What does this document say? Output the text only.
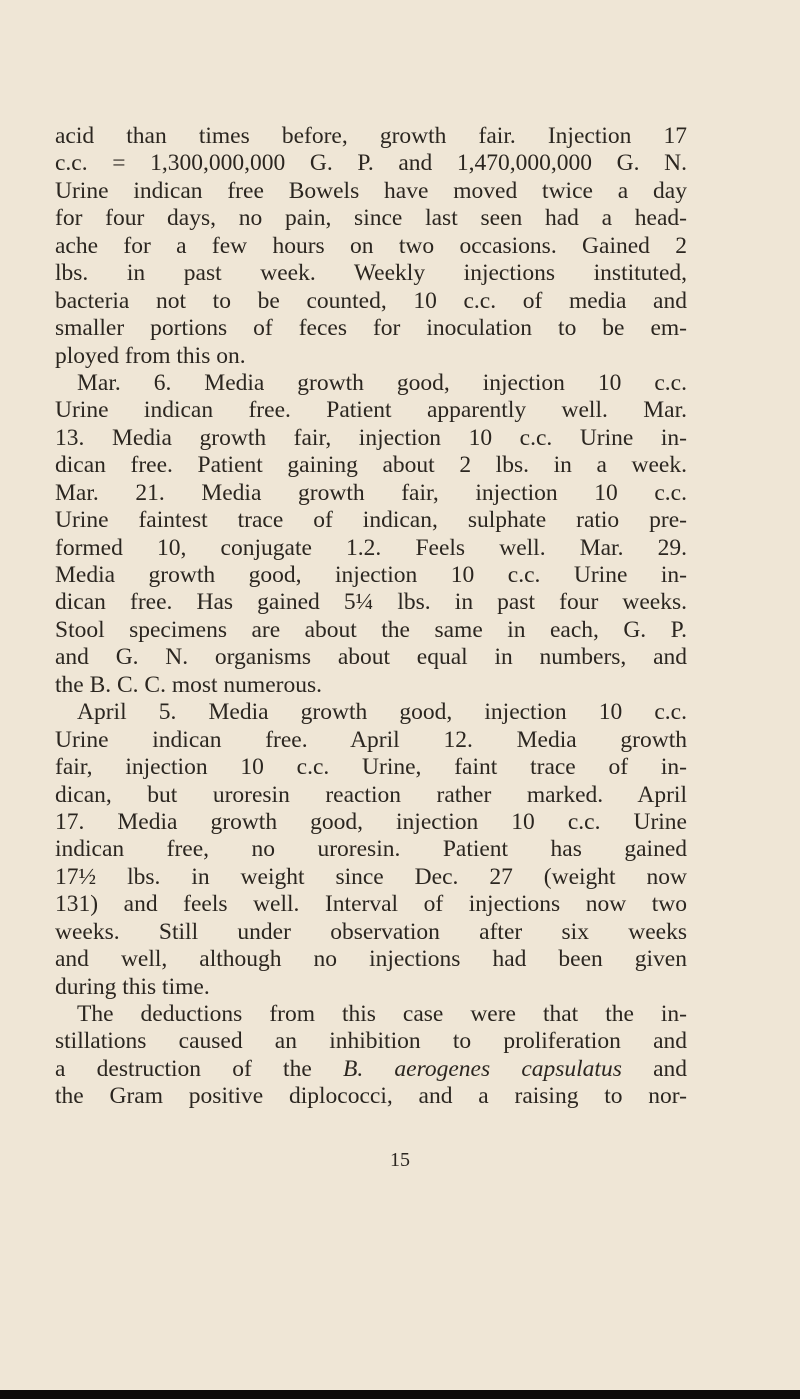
acid than times before, growth fair. Injection 17
c.c. = 1,300,000,000 G. P. and 1,470,000,000 G. N.
Urine indican free Bowels have moved twice a day
for four days, no pain, since last seen had a head-
ache for a few hours on two occasions. Gained 2
lbs. in past week. Weekly injections instituted,
bacteria not to be counted, 10 c.c. of media and
smaller portions of feces for inoculation to be em-
ployed from this on.
Mar. 6. Media growth good, injection 10 c.c.
Urine indican free. Patient apparently well. Mar.
13. Media growth fair, injection 10 c.c. Urine in-
dican free. Patient gaining about 2 lbs. in a week.
Mar. 21. Media growth fair, injection 10 c.c.
Urine faintest trace of indican, sulphate ratio pre-
formed 10, conjugate 1.2. Feels well. Mar. 29.
Media growth good, injection 10 c.c. Urine in-
dican free. Has gained 5¼ lbs. in past four weeks.
Stool specimens are about the same in each, G. P.
and G. N. organisms about equal in numbers, and
the B. C. C. most numerous.
April 5. Media growth good, injection 10 c.c.
Urine indican free. April 12. Media growth
fair, injection 10 c.c. Urine, faint trace of in-
dican, but uroresin reaction rather marked. April
17. Media growth good, injection 10 c.c. Urine
indican free, no uroresin. Patient has gained
17½ lbs. in weight since Dec. 27 (weight now
131) and feels well. Interval of injections now two
weeks. Still under observation after six weeks
and well, although no injections had been given
during this time.
The deductions from this case were that the in-
stillations caused an inhibition to proliferation and
a destruction of the B. aerogenes capsulatus and
the Gram positive diplococci, and a raising to nor-
15
